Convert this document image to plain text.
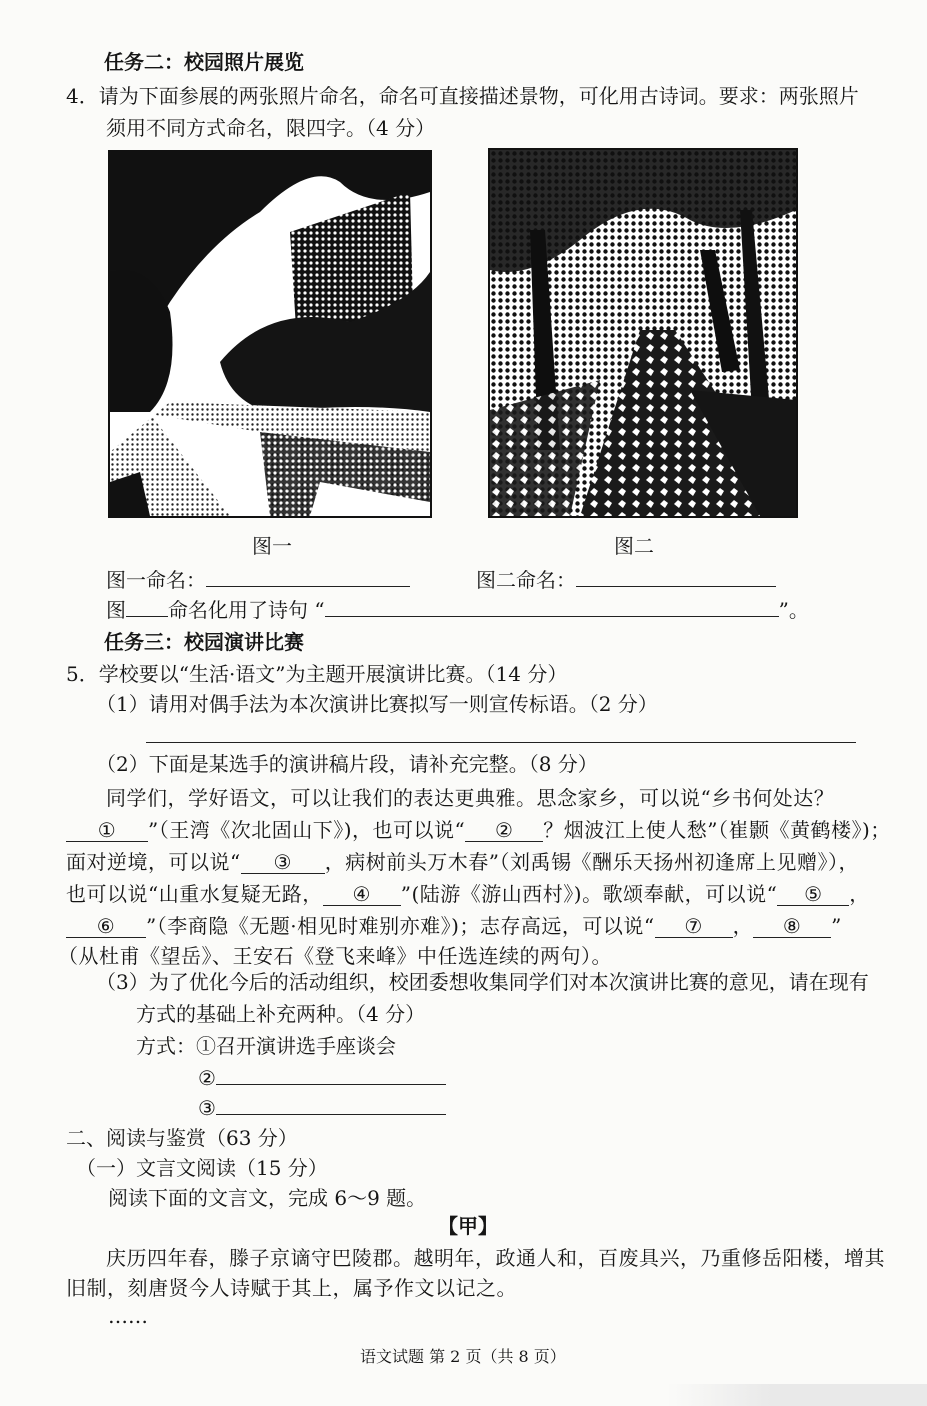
任务二：校园照片展览
4．请为下面参展的两张照片命名，命名可直接描述景物，可化用古诗词。要求：两张照片
须用不同方式命名，限四字。（4 分）
图一	图二
图一命名：	图二命名：
图 命名化用了诗句 “	”。
任务三：校园演讲比赛
5．学校要以“生活·语文”为主题开展演讲比赛。（14 分）
（1）请用对偶手法为本次演讲比赛拟写一则宣传标语。（2 分）
（2）下面是某选手的演讲稿片段，请补充完整。（8 分）
同学们，学好语文，可以让我们的表达更典雅。思念家乡，可以说“乡书何处达？
① ”（王湾《次北固山下》)，也可以说“ ② ？烟波江上使人愁”（崔颢《黄鹤楼》)；
面对逆境，可以说“ ③ ，病树前头万木春”（刘禹锡《酬乐天扬州初逢席上见赠》），
也可以说“山重水复疑无路， ④ ”(陆游《游山西村》)。歌颂奉献，可以说“ ⑤ ，
⑥ ”（李商隐《无题·相见时难别亦难》)；志存高远，可以说“ ⑦ ， ⑧ ”
（从杜甫《望岳》、王安石《登飞来峰》中任选连续的两句）。
（3）为了优化今后的活动组织，校团委想收集同学们对本次演讲比赛的意见，请在现有
方式的基础上补充两种。（4 分）
方式：①召开演讲选手座谈会
②
③
二、阅读与鉴赏（63 分）
（一）文言文阅读（15 分）
阅读下面的文言文，完成 6～9 题。
【甲】
庆历四年春，滕子京谪守巴陵郡。越明年，政通人和，百废具兴，乃重修岳阳楼，增其
旧制，刻唐贤今人诗赋于其上，属予作文以记之。
……
语文试题 第 2 页（共 8 页）
